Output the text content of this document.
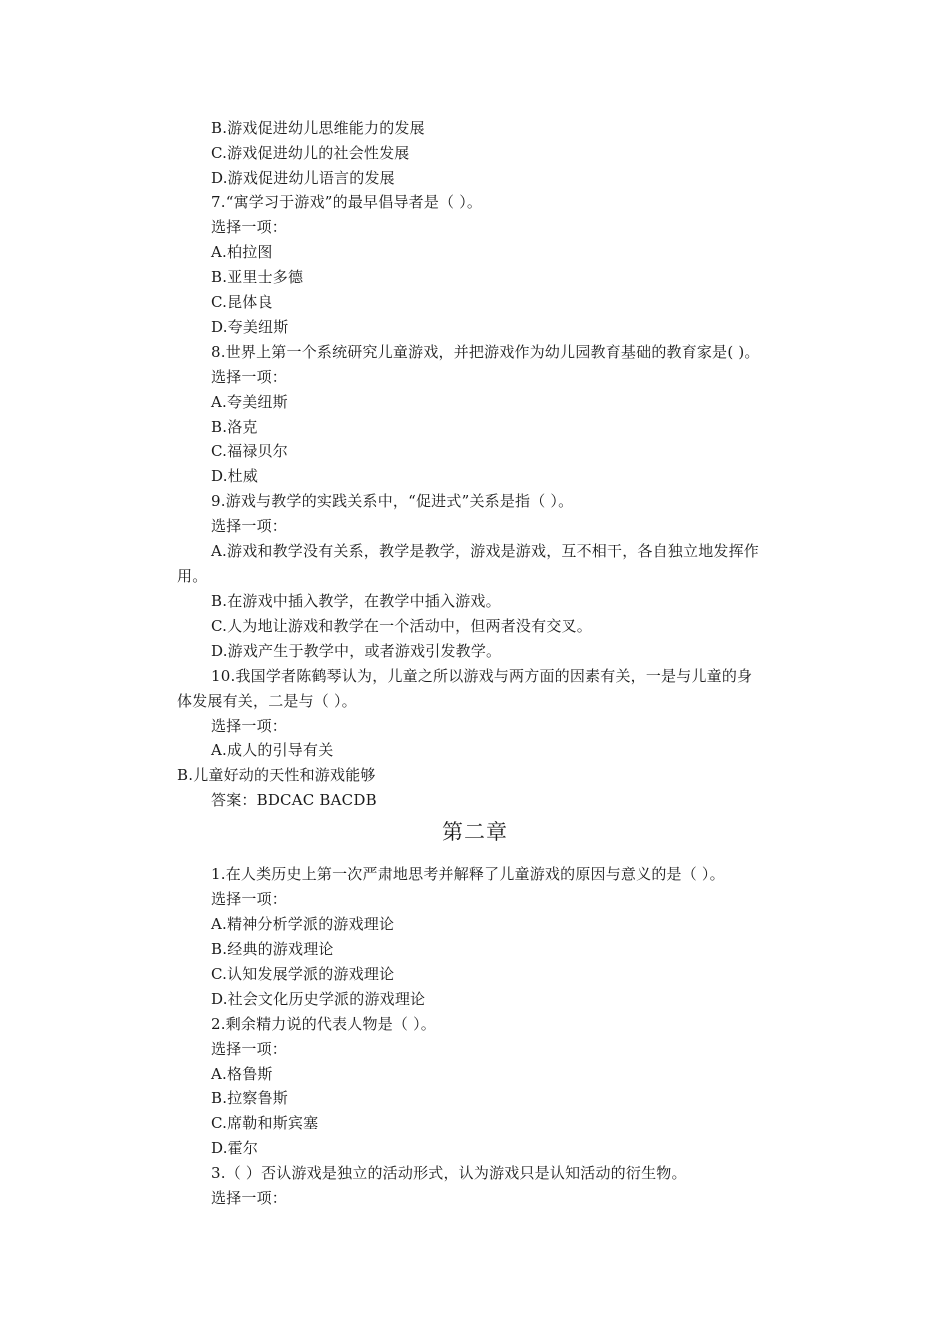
B.游戏促进幼儿思维能力的发展
C.游戏促进幼儿的社会性发展
D.游戏促进幼儿语言的发展
7.“寓学习于游戏”的最早倡导者是（ ）。
选择一项：
A.柏拉图
B.亚里士多德
C.昆体良
D.夸美纽斯
8.世界上第一个系统研究儿童游戏，并把游戏作为幼儿园教育基础的教育家是( )。
选择一项：
A.夸美纽斯
B.洛克
C.福禄贝尔
D.杜威
9.游戏与教学的实践关系中，“促进式”关系是指（ ）。
选择一项：
A.游戏和教学没有关系，教学是教学，游戏是游戏，互不相干，各自独立地发挥作
用。
B.在游戏中插入教学，在教学中插入游戏。
C.人为地让游戏和教学在一个活动中，但两者没有交叉。
D.游戏产生于教学中，或者游戏引发教学。
10.我国学者陈鹤琴认为，儿童之所以游戏与两方面的因素有关，一是与儿童的身
体发展有关，二是与（ ）。
选择一项：
A.成人的引导有关
B.儿童好动的天性和游戏能够
答案：BDCAC BACDB
第二章
1.在人类历史上第一次严肃地思考并解释了儿童游戏的原因与意义的是（ ）。
选择一项：
A.精神分析学派的游戏理论
B.经典的游戏理论
C.认知发展学派的游戏理论
D.社会文化历史学派的游戏理论
2.剩余精力说的代表人物是（ ）。
选择一项：
A.格鲁斯
B.拉察鲁斯
C.席勒和斯宾塞
D.霍尔
3.（ ）否认游戏是独立的活动形式，认为游戏只是认知活动的衍生物。
选择一项：
